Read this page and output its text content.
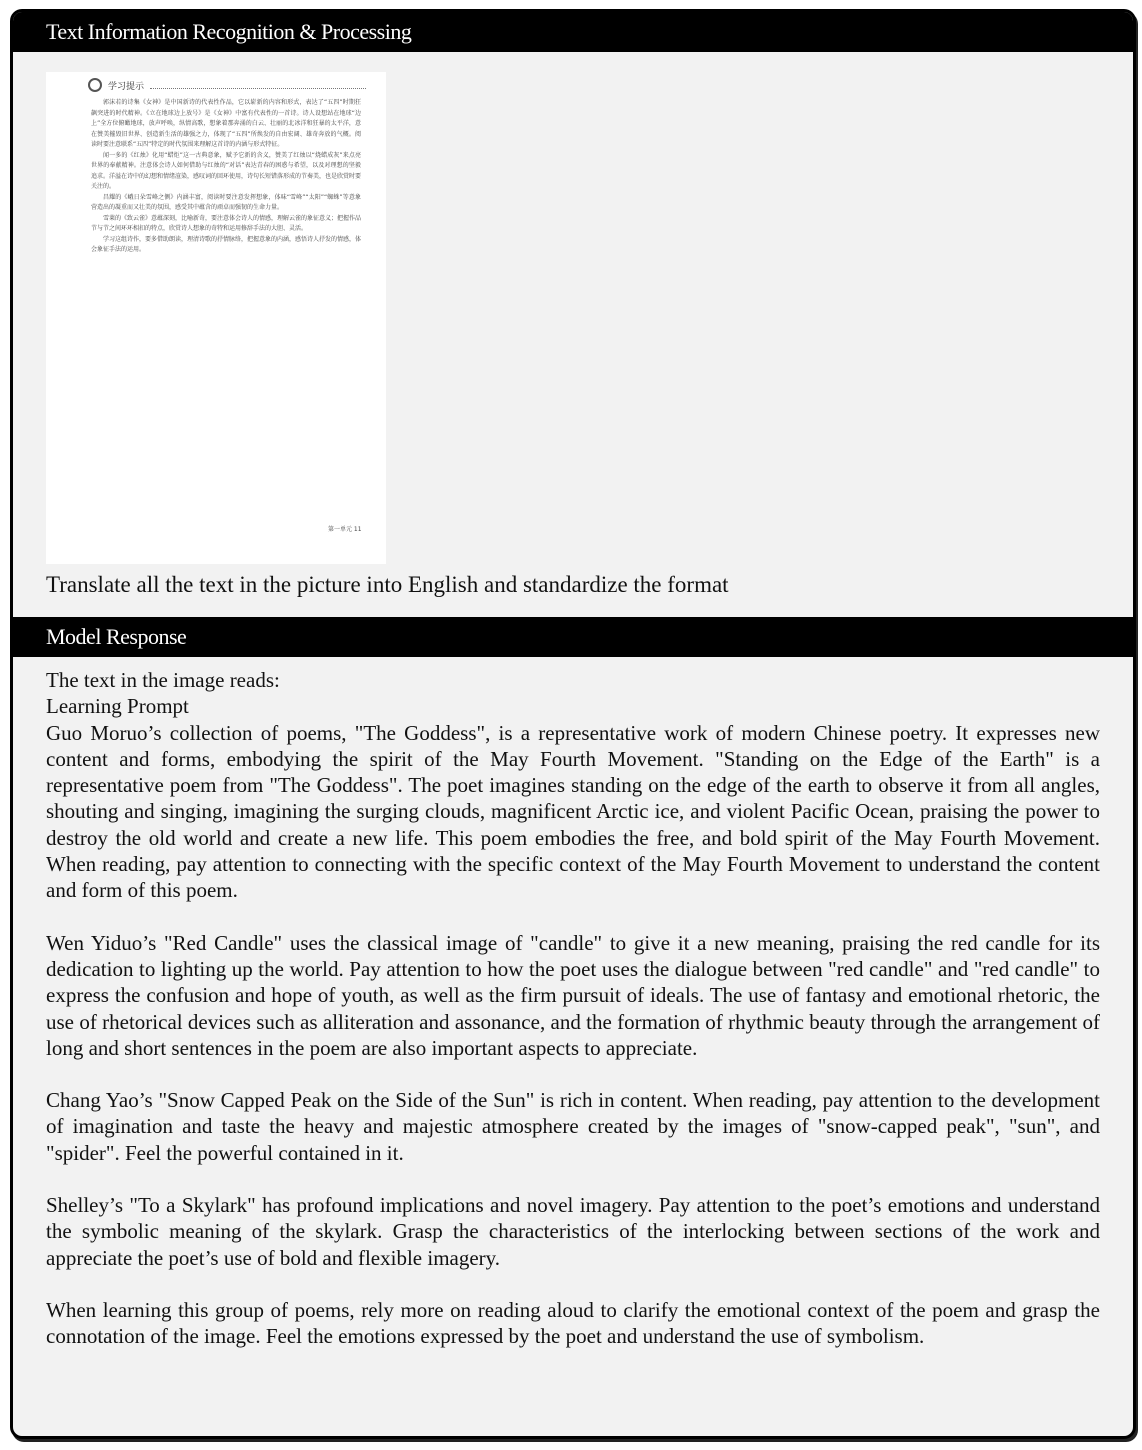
Text Information Recognition & Processing
学习提示

郭沫若的诗集《女神》是中国新诗的代表性作品，它以崭新的内容和形式，表达了“五四”时期狂飙突进的时代精神。《立在地球边上放号》是《女神》中富有代表性的一首诗。诗人设想站在地球“边上”全方位俯瞰地球，放声呼唤，纵情高歌，想象着那奔涌的白云、壮丽的北冰洋和狂暴的太平洋，意在赞美摧毁旧世界、创造新生活的雄强之力，体现了“五四”所焕发的自由宏阔、雄奇奔放的气概。阅读时要注意联系“五四”特定的时代氛围来理解这首诗的内涵与形式特征。

闻一多的《红烛》化用“蜡炬”这一古典意象，赋予它新的含义，赞美了红烛以“烧蜡成灰”来点亮世界的奉献精神。注意体会诗人如何借助与红烛的“对话”表达青春的困惑与希望，以及对理想的坚毅追求。洋溢在诗中的幻想和情绪渲染，感叹词的回环使用，诗句长短错落形成的节奏美，也是欣赏时要关注的。

昌耀的《峨日朵雪峰之侧》内涵丰富，阅读时要注意发挥想象，体味“雪峰”“太阳”“蜘蛛”等意象营造出的凝重而又壮美的氛围，感受其中蕴含的顽卓而强韧的生命力量。

雪莱的《致云雀》意蕴深刻，比喻新奇，要注意体会诗人的情感，理解云雀的象征意义；把握作品节与节之间环环相扣的特点，欣赏诗人想象的奇特和运用修辞手法的大胆、灵活。

学习这组诗作，要多借助朗读，理清诗歌的抒情脉络，把握意象的内涵，感悟诗人抒发的情感，体会象征手法的运用。

第一单元 11
Translate all the text in the picture into English and standardize the format
Model Response

The text in the image reads:

Learning Prompt

Guo Moruo’s collection of poems, "The Goddess", is a representative work of modern Chinese poetry. It expresses new content and forms, embodying the spirit of the May Fourth Movement. "Standing on the Edge of the Earth" is a representative poem from "The Goddess". The poet imagines standing on the edge of the earth to observe it from all angles, shouting and singing, imagining the surging clouds, magnificent Arctic ice, and violent Pacific Ocean, praising the power to destroy the old world and create a new life. This poem embodies the free, and bold spirit of the May Fourth Movement. When reading, pay attention to connecting with the specific context of the May Fourth Movement to understand the content and form of this poem.

Wen Yiduo’s "Red Candle" uses the classical image of "candle" to give it a new meaning, praising the red candle for its dedication to lighting up the world. Pay attention to how the poet uses the dialogue between "red candle" and "red candle" to express the confusion and hope of youth, as well as the firm pursuit of ideals. The use of fantasy and emotional rhetoric, the use of rhetorical devices such as alliteration and assonance, and the formation of rhythmic beauty through the arrangement of long and short sentences in the poem are also important aspects to appreciate.

Chang Yao’s "Snow Capped Peak on the Side of the Sun" is rich in content. When reading, pay attention to the development of imagination and taste the heavy and majestic atmosphere created by the images of "snow-capped peak", "sun", and "spider". Feel the powerful contained in it.

Shelley’s "To a Skylark" has profound implications and novel imagery. Pay attention to the poet’s emotions and understand the symbolic meaning of the skylark. Grasp the characteristics of the interlocking between sections of the work and appreciate the poet’s use of bold and flexible imagery.

When learning this group of poems, rely more on reading aloud to clarify the emotional context of the poem and grasp the connotation of the image. Feel the emotions expressed by the poet and understand the use of symbolism.
